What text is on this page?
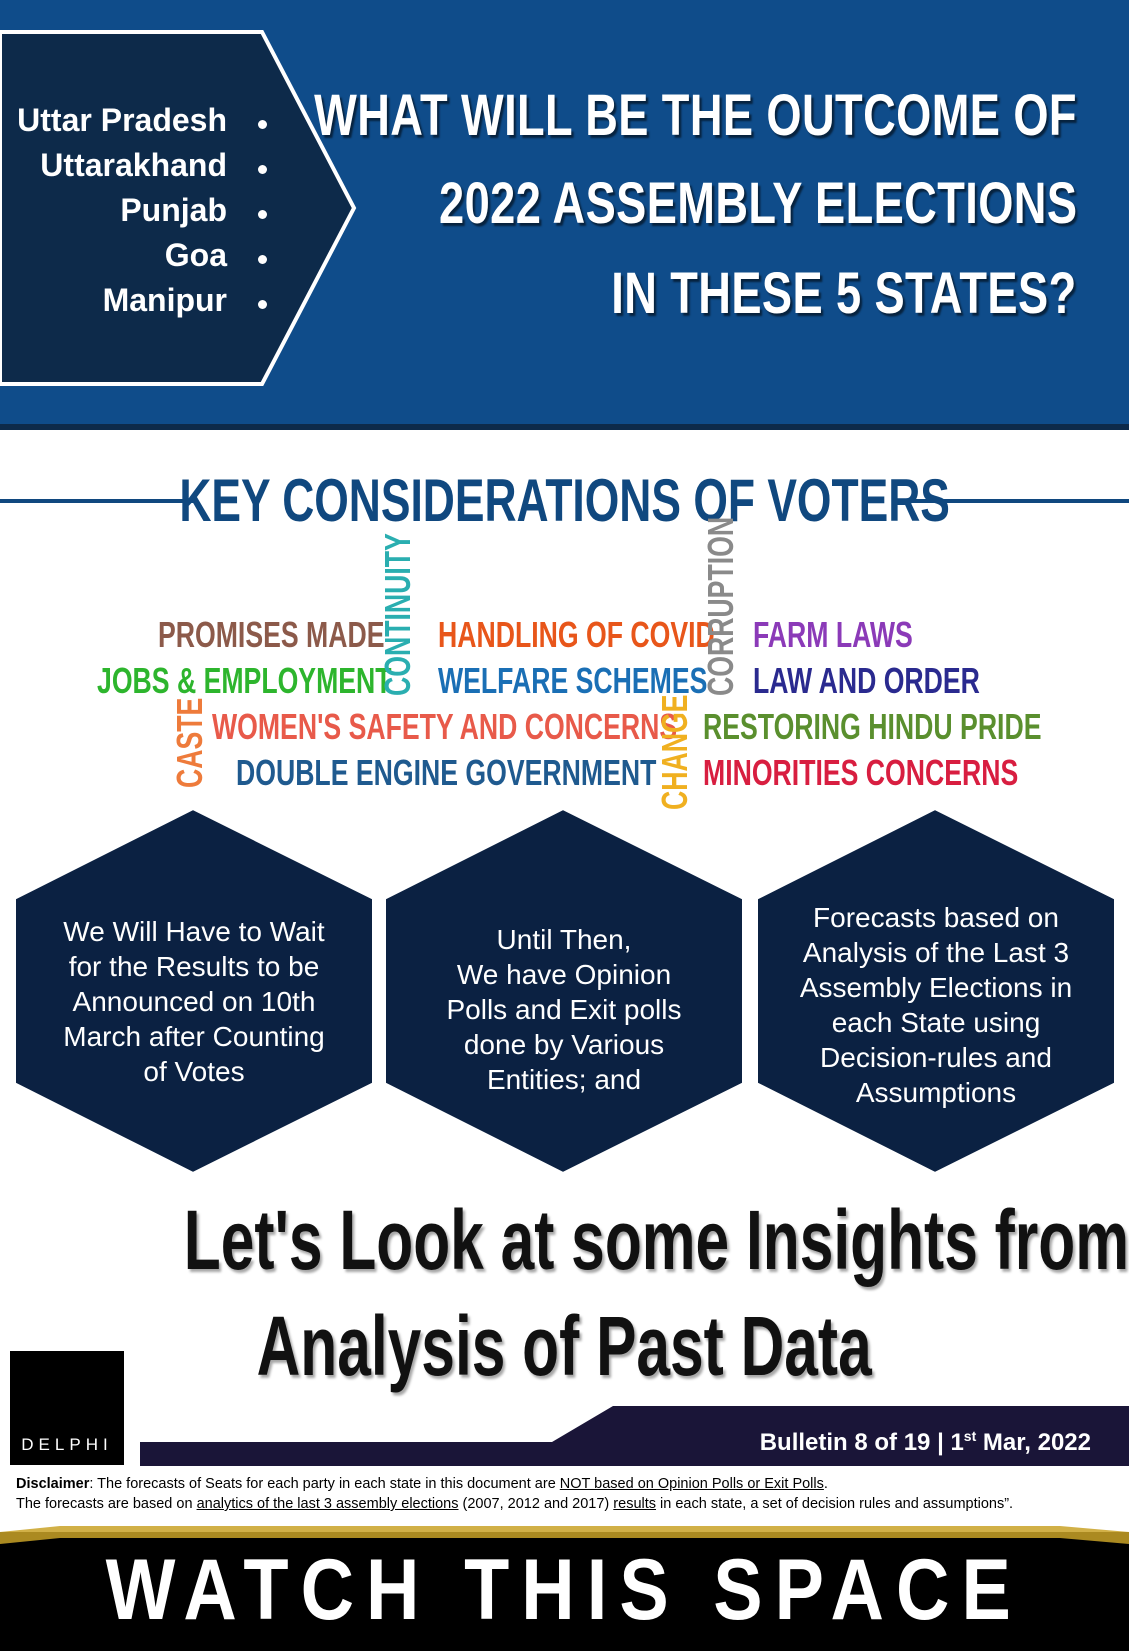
Uttar Pradesh
Uttarakhand
Punjab
Goa
Manipur
WHAT WILL BE THE OUTCOME OF
2022 ASSEMBLY ELECTIONS
IN THESE 5 STATES?
KEY CONSIDERATIONS OF VOTERS
PROMISES MADE
JOBS & EMPLOYMENT
CONTINUITY HANDLING OF COVID
WELFARE SCHEMES
CORRUPTION FARM LAWS
LAW AND ORDER
CASTE WOMEN'S SAFETY AND CONCERNS
DOUBLE ENGINE GOVERNMENT
CHANGE RESTORING HINDU PRIDE
MINORITIES CONCERNS
We Will Have to Wait
for the Results to be
Announced on 10th
March after Counting
of Votes
Until Then,
We have Opinion
Polls and Exit polls
done by Various
Entities; and
Forecasts based on
Analysis of the Last 3
Assembly Elections in
each State using
Decision-rules and
Assumptions
Let's Look at some Insights from
Analysis of Past Data
DELPHI	Bulletin 8 of 19 | 1st Mar, 2022
Disclaimer: The forecasts of Seats for each party in each state in this document are NOT based on Opinion Polls or Exit Polls.
The forecasts are based on analytics of the last 3 assembly elections (2007, 2012 and 2017) results in each state, a set of decision rules and assumptions”.
WATCH THIS SPACE
